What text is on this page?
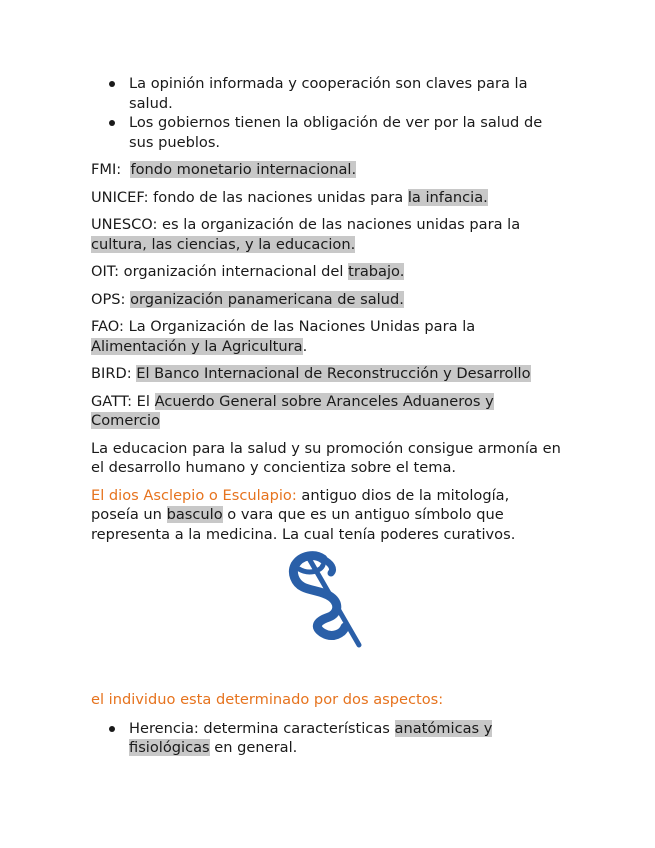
La opinión informada y cooperación son claves para la salud.
Los gobiernos tienen la obligación de ver por la salud de sus pueblos.

FMI:  fondo monetario internacional.

UNICEF: fondo de las naciones unidas para la infancia.

UNESCO: es la organización de las naciones unidas para la cultura, las ciencias, y la educacion.

OIT: organización internacional del trabajo.

OPS: organización panamericana de salud.

FAO: La Organización de las Naciones Unidas para la Alimentación y la Agricultura.

BIRD: El Banco Internacional de Reconstrucción y Desarrollo

GATT: El Acuerdo General sobre Aranceles Aduaneros y Comercio

La educacion para la salud y su promoción consigue armonía en el desarrollo humano y concientiza sobre el tema.

El dios Asclepio o Esculapio: antiguo dios de la mitología, poseía un basculo o vara que es un antiguo símbolo que representa a la medicina. La cual tenía poderes curativos.

el individuo esta determinado por dos aspectos:

Herencia: determina características anatómicas y fisiológicas en general.
